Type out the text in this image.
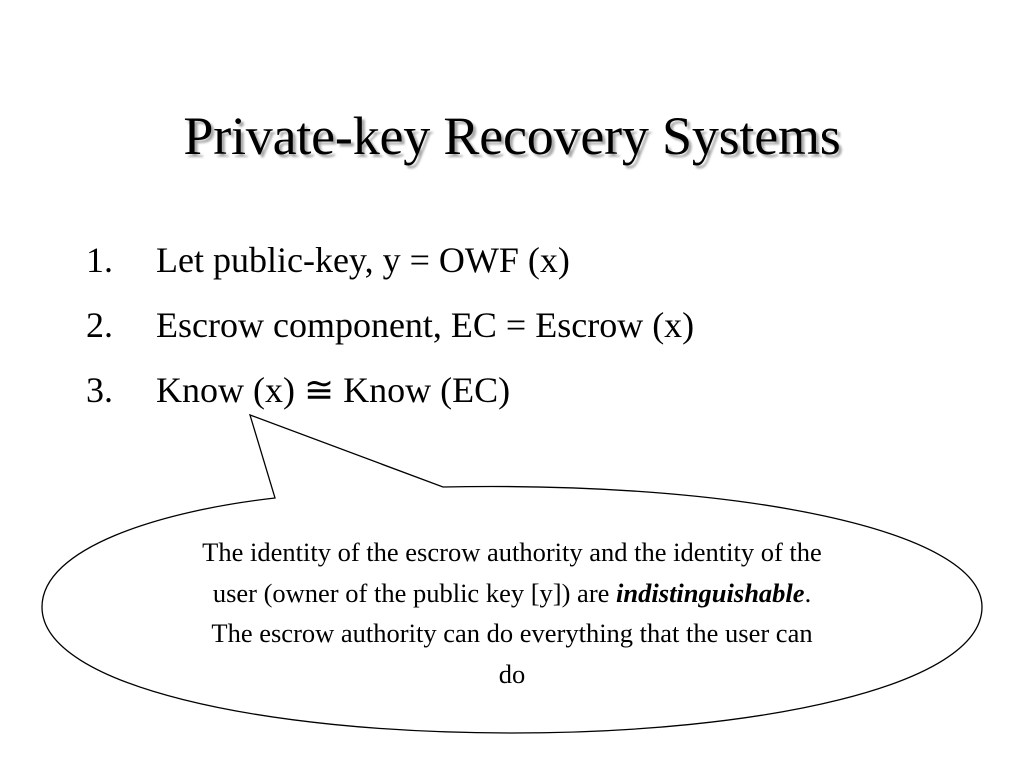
Private-key Recovery Systems
1. Let public-key, y = OWF (x)
2. Escrow component, EC = Escrow (x)
3. Know (x) ≅ Know (EC)
The identity of the escrow authority and the identity of the user (owner of the public key [y]) are indistinguishable. The escrow authority can do everything that the user can do
